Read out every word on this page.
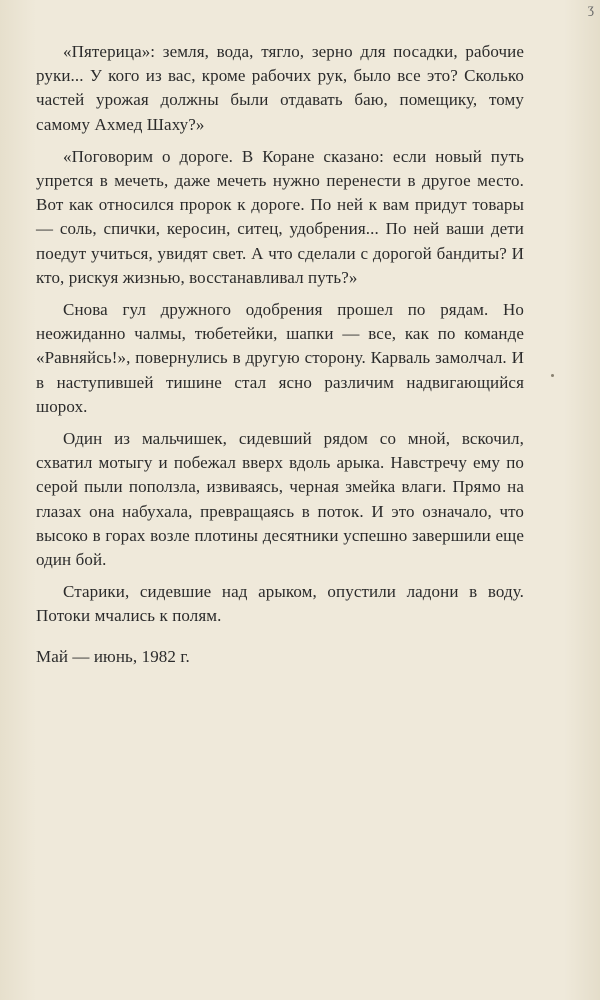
ʒ

«Пятерица»: земля, вода, тягло, зерно для посадки, рабочие руки... У кого из вас, кроме рабочих рук, было все это? Сколько частей урожая должны были отдавать баю, помещику, тому самому Ахмед Шаху?»

«Поговорим о дороге. В Коране сказано: если новый путь упрется в мечеть, даже мечеть нужно перенести в другое место. Вот как относился пророк к дороге. По ней к вам придут товары — соль, спички, керосин, ситец, удобрения... По ней ваши дети поедут учиться, увидят свет. А что сделали с дорогой бандиты? И кто, рискуя жизнью, восстанавливал путь?»

Снова гул дружного одобрения прошел по рядам. Но неожиданно чалмы, тюбетейки, шапки — все, как по команде «Равняйсь!», повернулись в другую сторону. Карваль замолчал. И в наступившей тишине стал ясно различим надвигающийся шорох.

Один из мальчишек, сидевший рядом со мной, вскочил, схватил мотыгу и побежал вверх вдоль арыка. Навстречу ему по серой пыли поползла, извиваясь, черная змейка влаги. Прямо на глазах она набухала, превращаясь в поток. И это означало, что высоко в горах возле плотины десятники успешно завершили еще один бой.

Старики, сидевшие над арыком, опустили ладони в воду. Потоки мчались к полям.

Май — июнь, 1982 г.
